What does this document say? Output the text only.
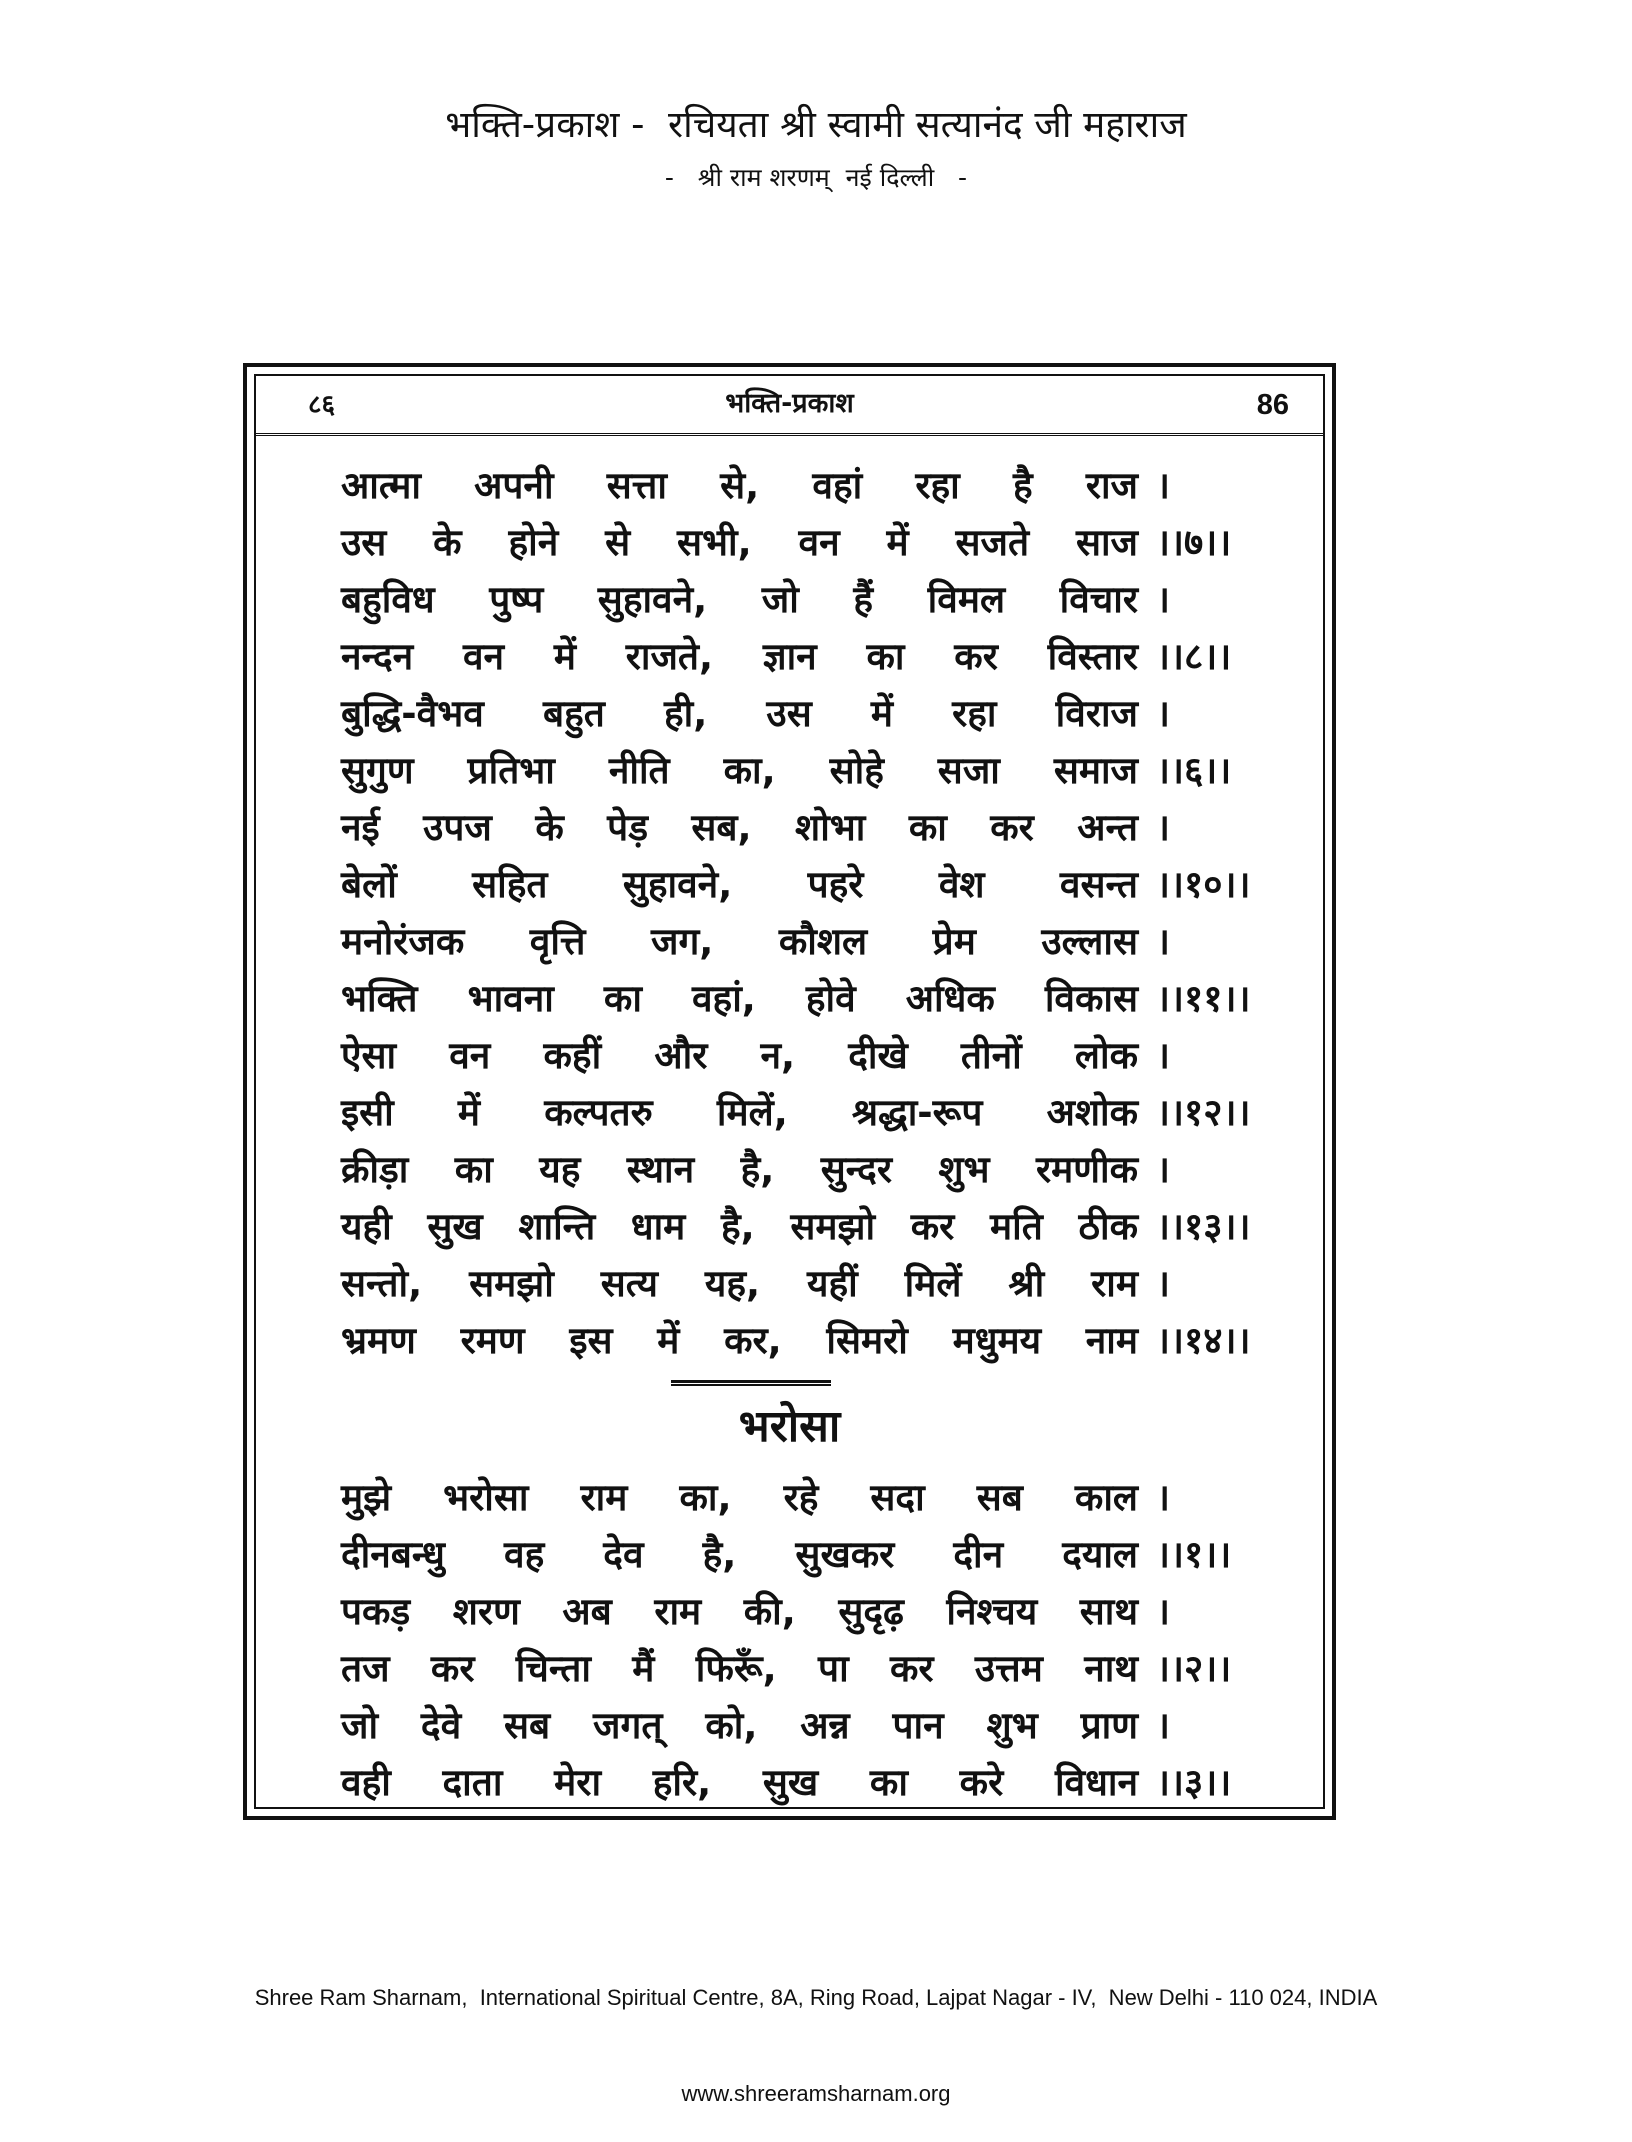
भक्ति-प्रकाश -  रचियता श्री स्वामी सत्यानंद जी महाराज
-   श्री राम शरणम्  नई दिल्ली   -
८६	भक्ति-प्रकाश	86
आत्मा अपनी सत्ता से, वहां रहा है राज ।
उस के होने से सभी, वन में सजते साज ।।७।।
बहुविध पुष्प सुहावने, जो हैं विमल विचार ।
नन्दन वन में राजते, ज्ञान का कर विस्तार ।।८।।
बुद्धि-वैभव बहुत ही, उस में रहा विराज ।
सुगुण प्रतिभा नीति का, सोहे सजा समाज ।।६।।
नई उपज के पेड़ सब, शोभा का कर अन्त ।
बेलों सहित सुहावने, पहरे वेश वसन्त ।।१०।।
मनोरंजक वृत्ति जग, कौशल प्रेम उल्लास ।
भक्ति भावना का वहां, होवे अधिक विकास ।।११।।
ऐसा वन कहीं और न, दीखे तीनों लोक ।
इसी में कल्पतरु मिलें, श्रद्धा-रूप अशोक ।।१२।।
क्रीड़ा का यह स्थान है, सुन्दर शुभ रमणीक ।
यही सुख शान्ति धाम है, समझो कर मति ठीक ।।१३।।
सन्तो, समझो सत्य यह, यहीं मिलें श्री राम ।
भ्रमण रमण इस में कर, सिमरो मधुमय नाम ।।१४।।
भरोसा
मुझे भरोसा राम का, रहे सदा सब काल ।
दीनबन्धु वह देव है, सुखकर दीन दयाल ।।१।।
पकड़ शरण अब राम की, सुदृढ़ निश्चय साथ ।
तज कर चिन्ता मैं फिरूँ, पा कर उत्तम नाथ ।।२।।
जो देवे सब जगत् को, अन्न पान शुभ प्राण ।
वही दाता मेरा हरि, सुख का करे विधान ।।३।।

Shree Ram Sharnam,  International Spiritual Centre, 8A, Ring Road, Lajpat Nagar - IV,  New Delhi - 110 024, INDIA

www.shreeramsharnam.org
